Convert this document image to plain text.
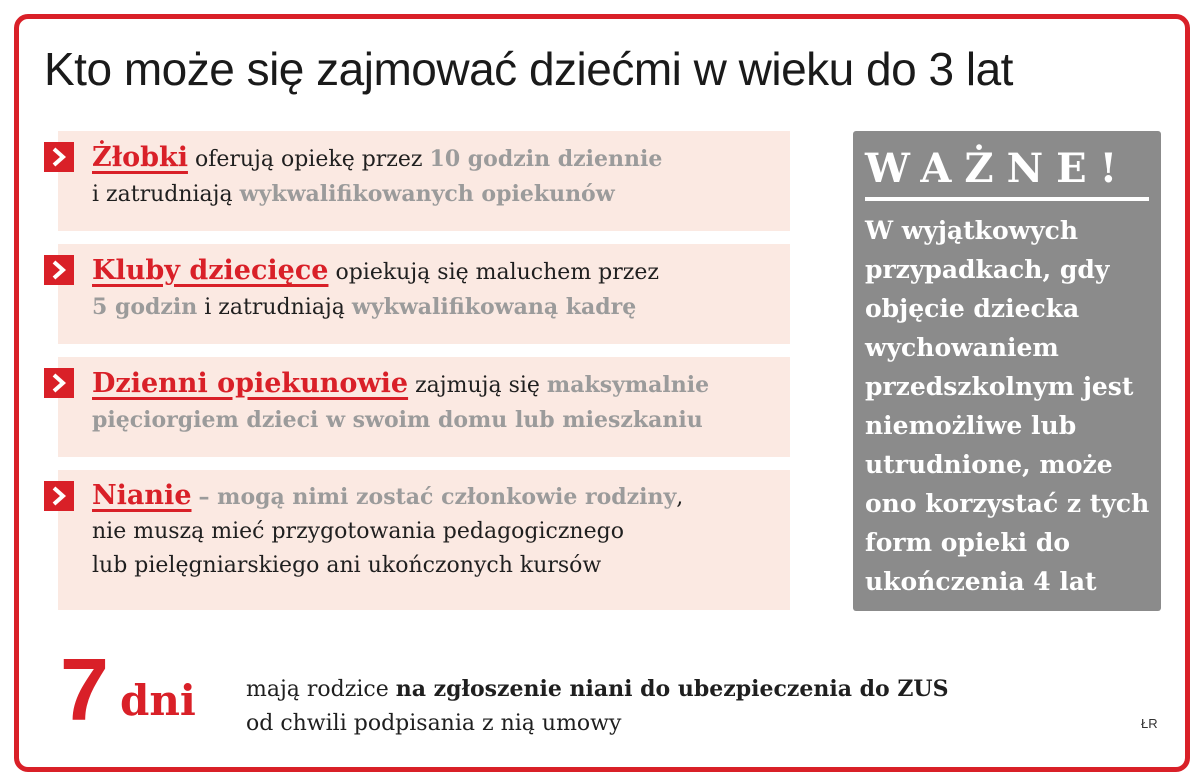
Kto może się zajmować dziećmi w wieku do 3 lat
Żłobki oferują opiekę przez 10 godzin dziennie
i zatrudniają wykwalifikowanych opiekunów
Kluby dziecięce opiekują się maluchem przez
5 godzin i zatrudniają wykwalifikowaną kadrę
Dzienni opiekunowie zajmują się maksymalnie
pięciorgiem dzieci w swoim domu lub mieszkaniu
Nianie – mogą nimi zostać członkowie rodziny,
nie muszą mieć przygotowania pedagogicznego
lub pielęgniarskiego ani ukończonych kursów
WAŻNE!

W wyjątkowych
przypadkach, gdy
objęcie dziecka
wychowaniem
przedszkolnym jest
niemożliwe lub
utrudnione, może
ono korzystać z tych
form opieki do
ukończenia 4 lat

7 dni mają rodzice na zgłoszenie niani do ubezpieczenia do ZUS
od chwili podpisania z nią umowy	ŁR
